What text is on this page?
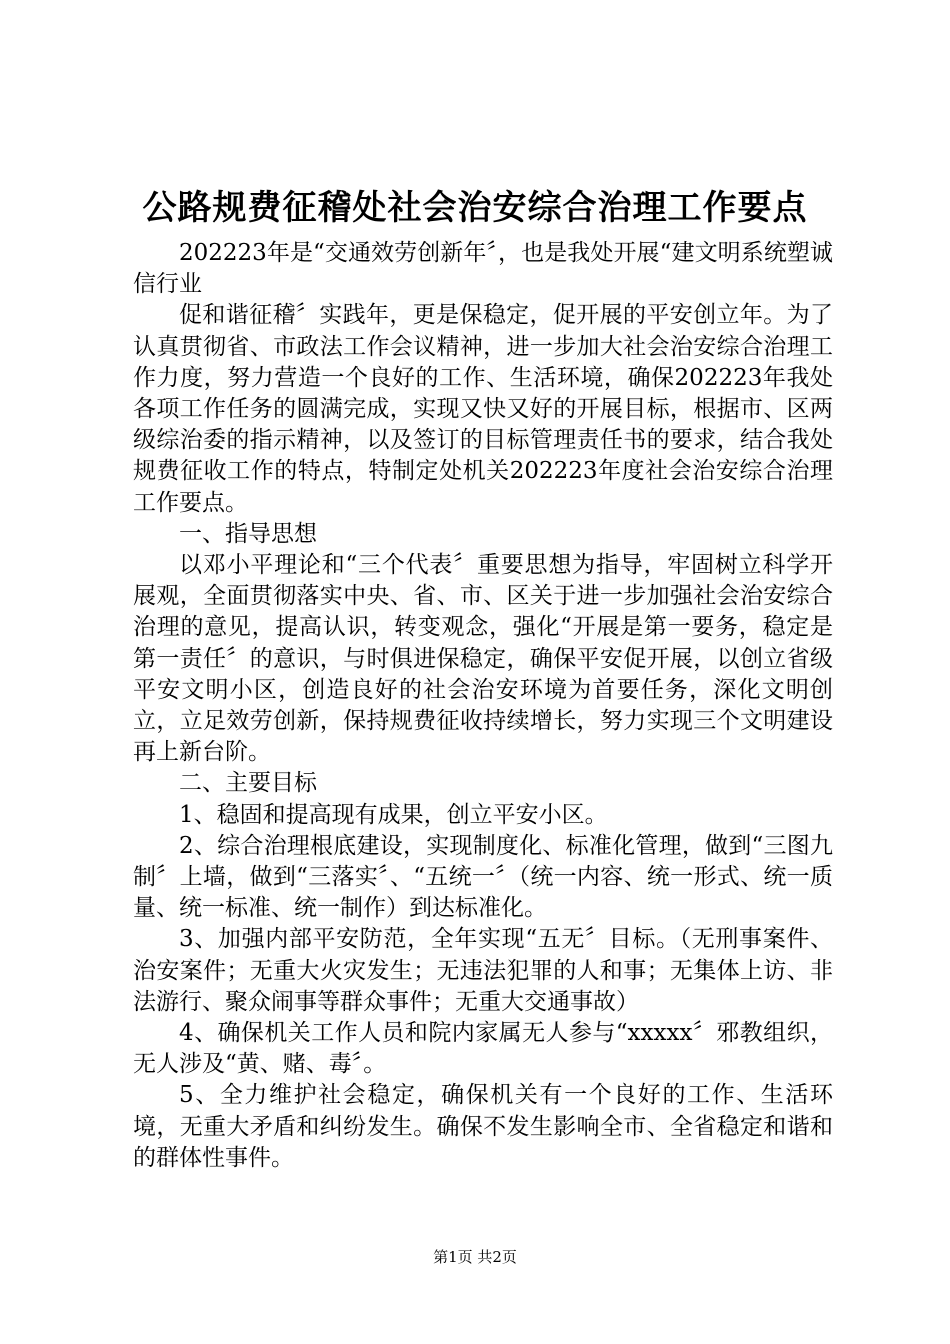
公路规费征稽处社会治安综合治理工作要点

202223年是“交通效劳创新年〞，也是我处开展“建文明系统塑诚信行业

促和谐征稽〞实践年，更是保稳定，促开展的平安创立年。为了认真贯彻省、市政法工作会议精神，进一步加大社会治安综合治理工作力度，努力营造一个良好的工作、生活环境，确保202223年我处各项工作任务的圆满完成，实现又快又好的开展目标，根据市、区两级综治委的指示精神，以及签订的目标管理责任书的要求，结合我处规费征收工作的特点，特制定处机关202223年度社会治安综合治理工作要点。

一、指导思想

以邓小平理论和“三个代表〞重要思想为指导，牢固树立科学开展观，全面贯彻落实中央、省、市、区关于进一步加强社会治安综合治理的意见，提高认识，转变观念，强化“开展是第一要务，稳定是第一责任〞的意识，与时俱进保稳定，确保平安促开展，以创立省级平安文明小区，创造良好的社会治安环境为首要任务，深化文明创立，立足效劳创新，保持规费征收持续增长，努力实现三个文明建设再上新台阶。

二、主要目标

1、稳固和提高现有成果，创立平安小区。

2、综合治理根底建设，实现制度化、标准化管理，做到“三图九制〞上墙，做到“三落实〞、“五统一〞（统一内容、统一形式、统一质量、统一标准、统一制作）到达标准化。

3、加强内部平安防范，全年实现“五无〞目标。（无刑事案件、治安案件；无重大火灾发生；无违法犯罪的人和事；无集体上访、非法游行、聚众闹事等群众事件；无重大交通事故）

4、确保机关工作人员和院内家属无人参与“xxxxx〞邪教组织，无人涉及“黄、赌、毒〞。

5、全力维护社会稳定，确保机关有一个良好的工作、生活环境，无重大矛盾和纠纷发生。确保不发生影响全市、全省稳定和谐和的群体性事件。

第1页 共2页
